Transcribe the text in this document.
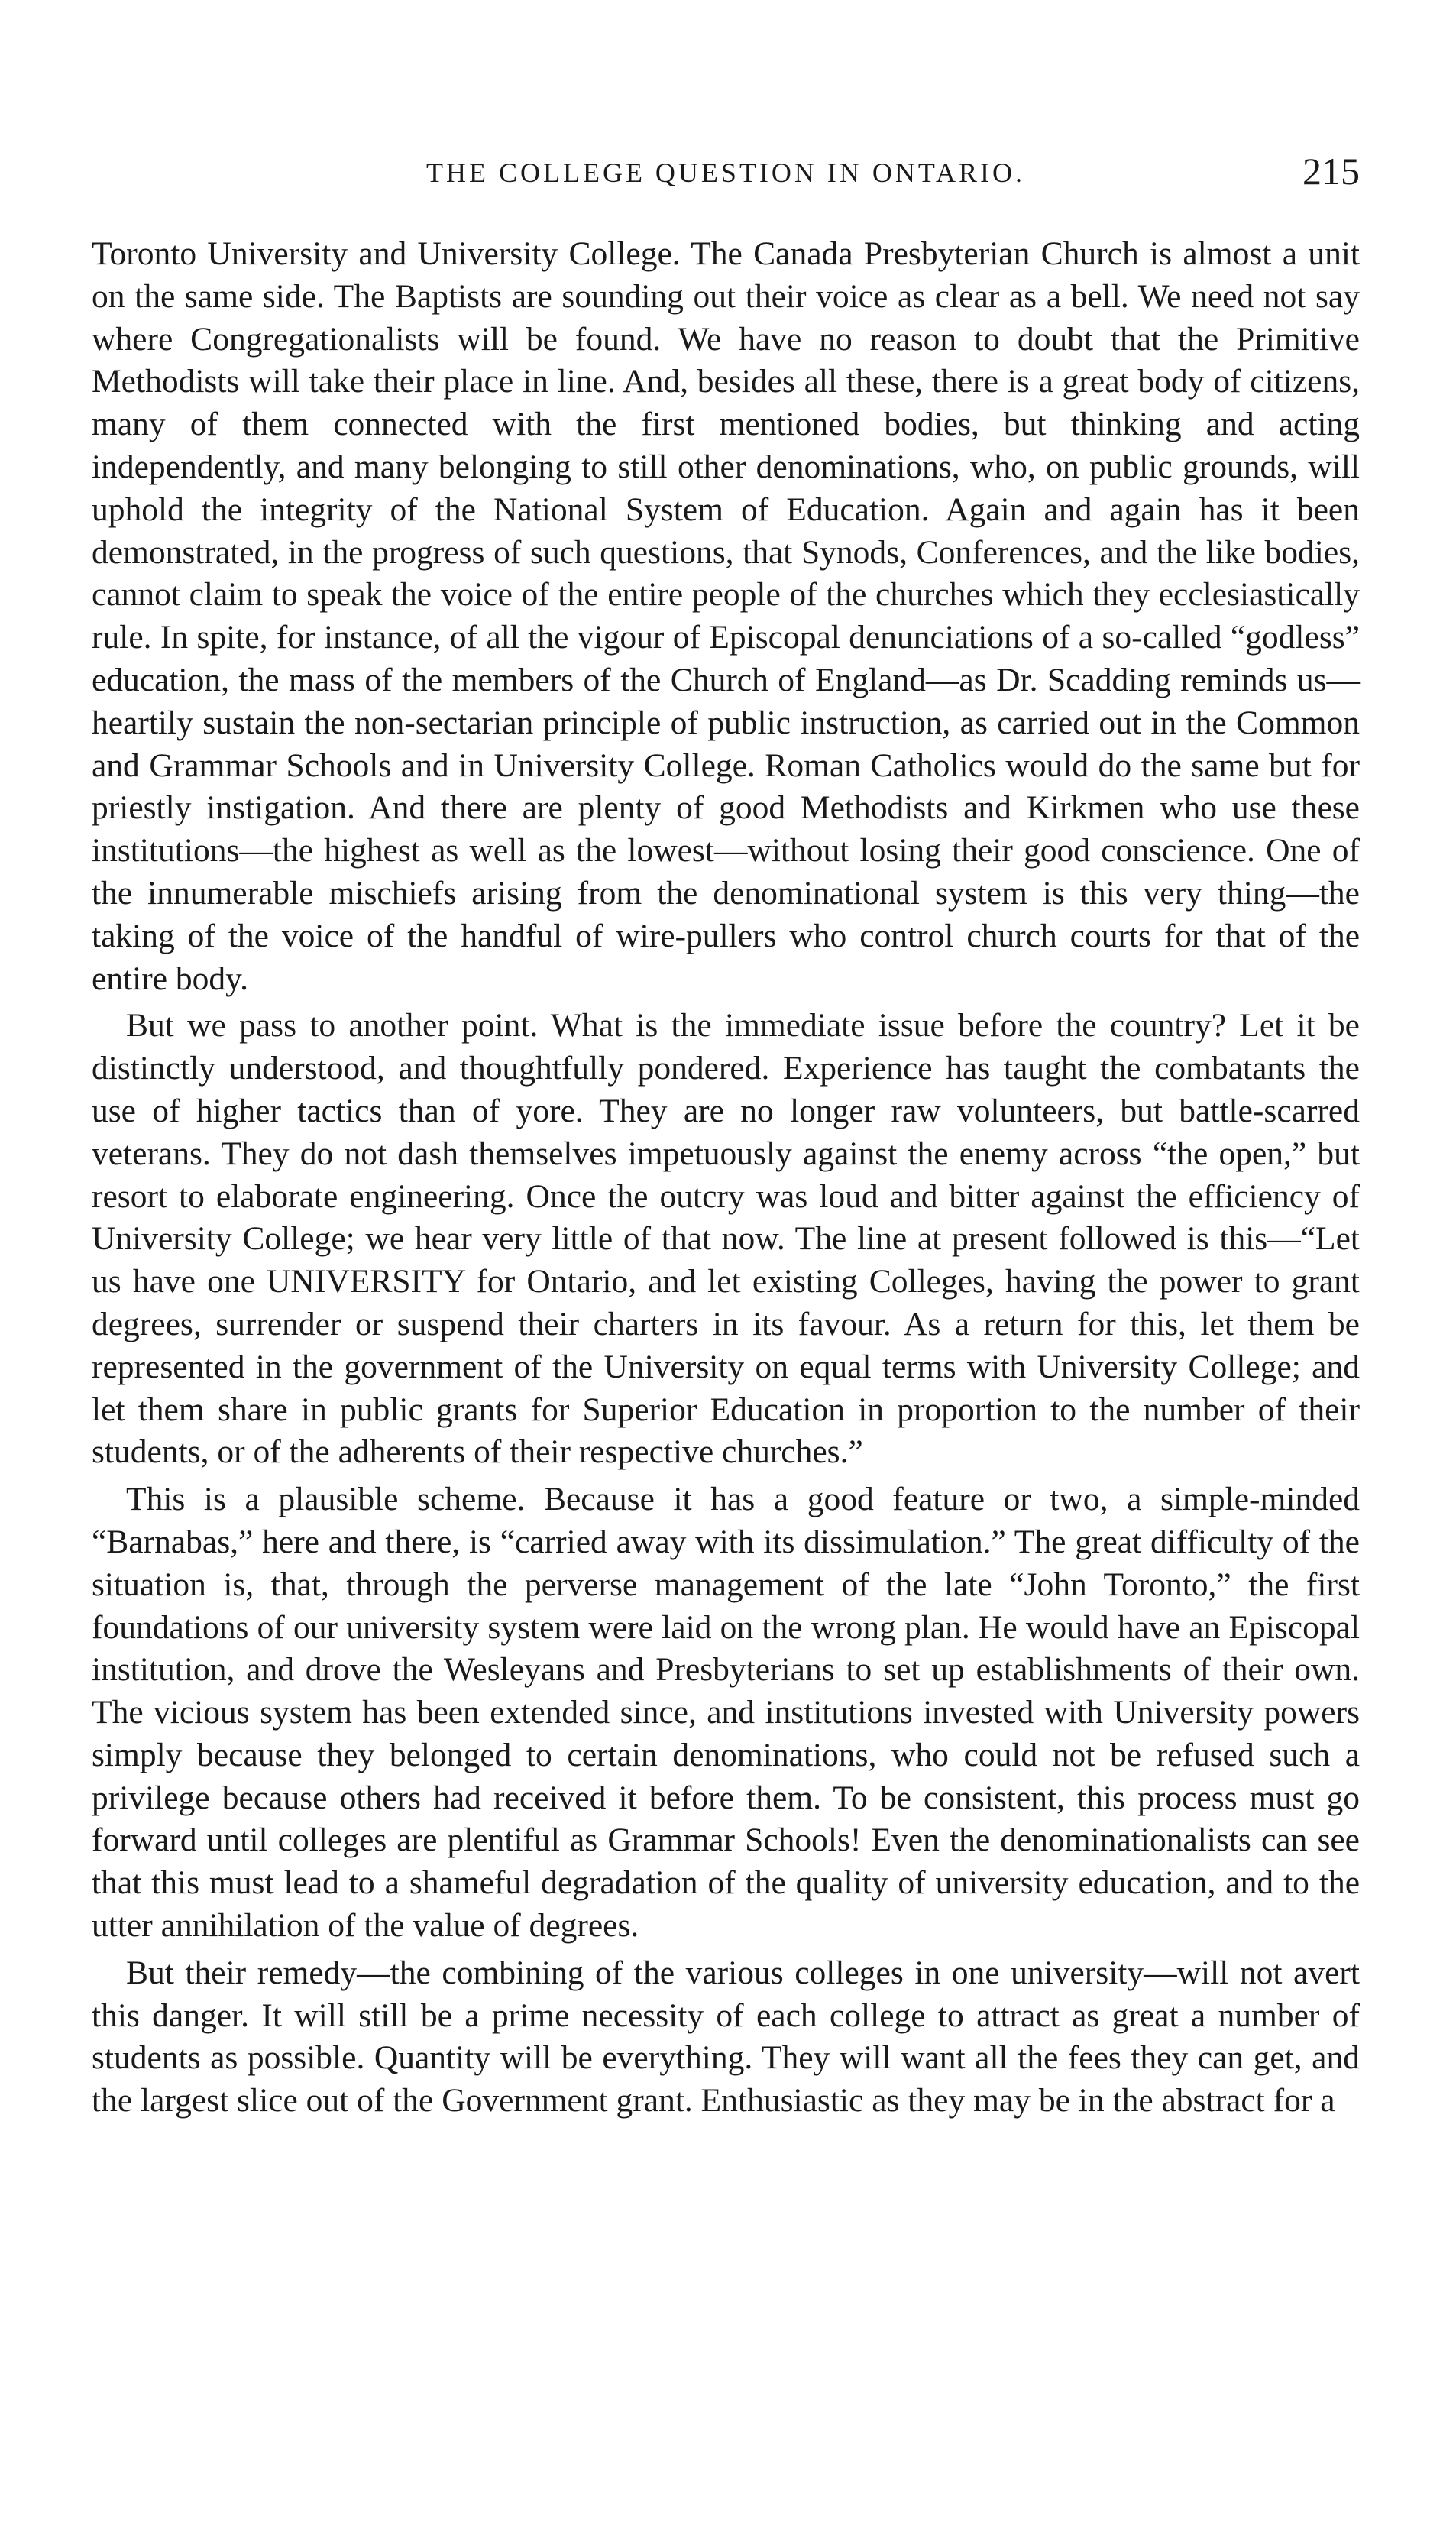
THE COLLEGE QUESTION IN ONTARIO.	215

Toronto University and University College. The Canada Presbyterian Church is almost a unit on the same side. The Baptists are sounding out their voice as clear as a bell. We need not say where Congregationalists will be found. We have no reason to doubt that the Primitive Methodists will take their place in line. And, besides all these, there is a great body of citizens, many of them connected with the first mentioned bodies, but thinking and acting independently, and many belonging to still other denominations, who, on public grounds, will uphold the integrity of the National System of Education. Again and again has it been demonstrated, in the progress of such questions, that Synods, Conferences, and the like bodies, cannot claim to speak the voice of the entire people of the churches which they ecclesiastically rule. In spite, for instance, of all the vigour of Episcopal denunciations of a so-called “godless” education, the mass of the members of the Church of England—as Dr. Scadding reminds us—heartily sustain the non-sectarian principle of public instruction, as carried out in the Common and Grammar Schools and in University College. Roman Catholics would do the same but for priestly instigation. And there are plenty of good Methodists and Kirkmen who use these institutions—the highest as well as the lowest—without losing their good conscience. One of the innumerable mischiefs arising from the denominational system is this very thing—the taking of the voice of the handful of wire-pullers who control church courts for that of the entire body.

But we pass to another point. What is the immediate issue before the country? Let it be distinctly understood, and thoughtfully pondered. Experience has taught the combatants the use of higher tactics than of yore. They are no longer raw volunteers, but battle-scarred veterans. They do not dash themselves impetuously against the enemy across “the open,” but resort to elaborate engineering. Once the outcry was loud and bitter against the efficiency of University College; we hear very little of that now. The line at present followed is this—“Let us have one UNIVERSITY for Ontario, and let existing Colleges, having the power to grant degrees, surrender or suspend their charters in its favour. As a return for this, let them be represented in the government of the University on equal terms with University College; and let them share in public grants for Superior Education in proportion to the number of their students, or of the adherents of their respective churches.”

This is a plausible scheme. Because it has a good feature or two, a simple-minded “Barnabas,” here and there, is “carried away with its dissimulation.” The great difficulty of the situation is, that, through the perverse management of the late “John Toronto,” the first foundations of our university system were laid on the wrong plan. He would have an Episcopal institution, and drove the Wesleyans and Presbyterians to set up establishments of their own. The vicious system has been extended since, and institutions invested with University powers simply because they belonged to certain denominations, who could not be refused such a privilege because others had received it before them. To be consistent, this process must go forward until colleges are plentiful as Grammar Schools! Even the denominationalists can see that this must lead to a shameful degradation of the quality of university education, and to the utter annihilation of the value of degrees.

But their remedy—the combining of the various colleges in one university—will not avert this danger. It will still be a prime necessity of each college to attract as great a number of students as possible. Quantity will be everything. They will want all the fees they can get, and the largest slice out of the Government grant. Enthusiastic as they may be in the abstract for a
